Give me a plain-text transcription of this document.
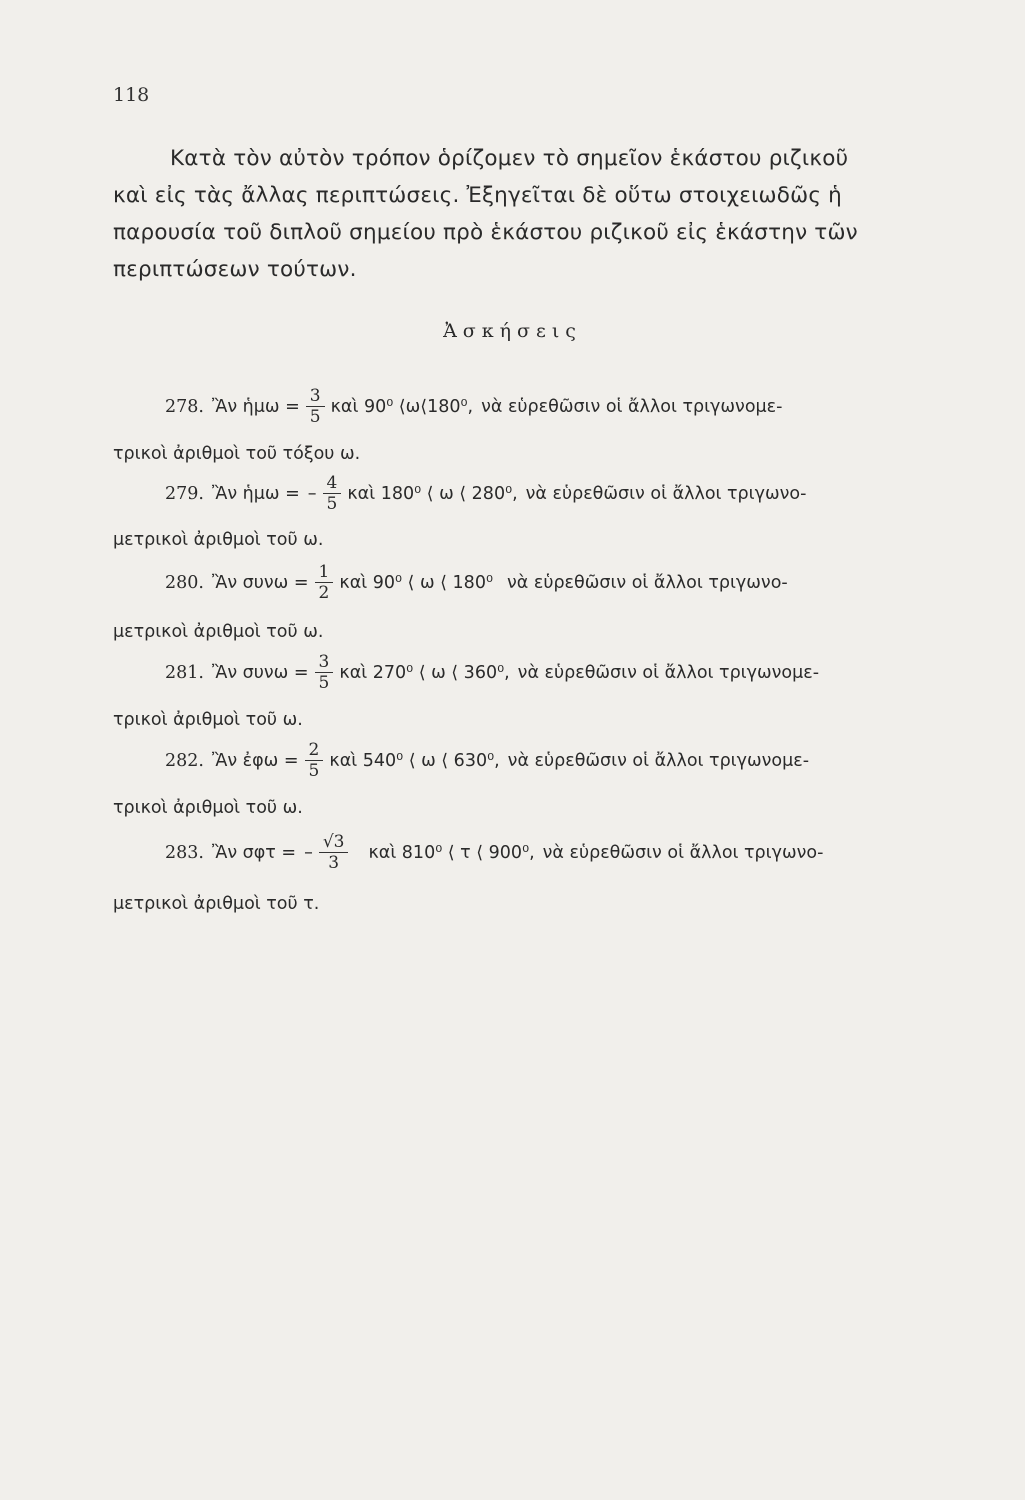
118
Κατὰ τὸν αὐτὸν τρόπον ὁρίζομεν τὸ σημεῖον ἑκάστου ριζικοῦ
καὶ εἰς τὰς ἄλλας περιπτώσεις. Ἐξηγεῖται δὲ οὕτω στοιχειωδῶς ἡ
παρουσία τοῦ διπλοῦ σημείου πρὸ ἑκάστου ριζικοῦ εἰς ἑκάστην τῶν
περιπτώσεων τούτων.
Ἀσκήσεις
278. Ἂν ἡμω = $\frac{3}{5}$ καὶ 90⁰ ⟨ω⟨180⁰, νὰ εὑρεθῶσιν οἱ ἄλλοι τριγωνομε-
τρικοὶ ἀριθμοὶ τοῦ τόξου ω.
279. Ἂν ἡμω = – $\frac{4}{5}$ καὶ 180⁰ ⟨ ω ⟨ 280⁰, νὰ εὑρεθῶσιν οἱ ἄλλοι τριγωνο-
μετρικοὶ ἀριθμοὶ τοῦ ω.
280. Ἂν $\sigma\upsilon\nu\omega = \frac{1}{2}$ καὶ 90⁰ ⟨ ω ⟨ 180⁰ νὰ εὑρεθῶσιν οἱ ἄλλοι τριγωνο-
μετρικοὶ ἀριθμοὶ τοῦ ω.
281. Ἂν $\sigma\upsilon\nu\omega = \frac{3}{5}$ καὶ 270⁰ ⟨ ω ⟨ 360⁰, νὰ εὑρεθῶσιν οἱ ἄλλοι τριγωνομε-
τρικοὶ ἀριθμοὶ τοῦ ω.
282. Ἂν ἐφω = $\frac{2}{5}$ καὶ 540⁰ ⟨ ω ⟨ 630⁰, νὰ εὑρεθῶσιν οἱ ἄλλοι τριγωνομε-
τρικοὶ ἀριθμοὶ τοῦ ω.
283. Ἂν σφτ = – $\frac{√3}{3}$ καὶ 810⁰ ⟨ τ ⟨ 900⁰, νὰ εὑρεθῶσιν οἱ ἄλλοι τριγωνο-
μετρικοὶ ἀριθμοὶ τοῦ τ.
